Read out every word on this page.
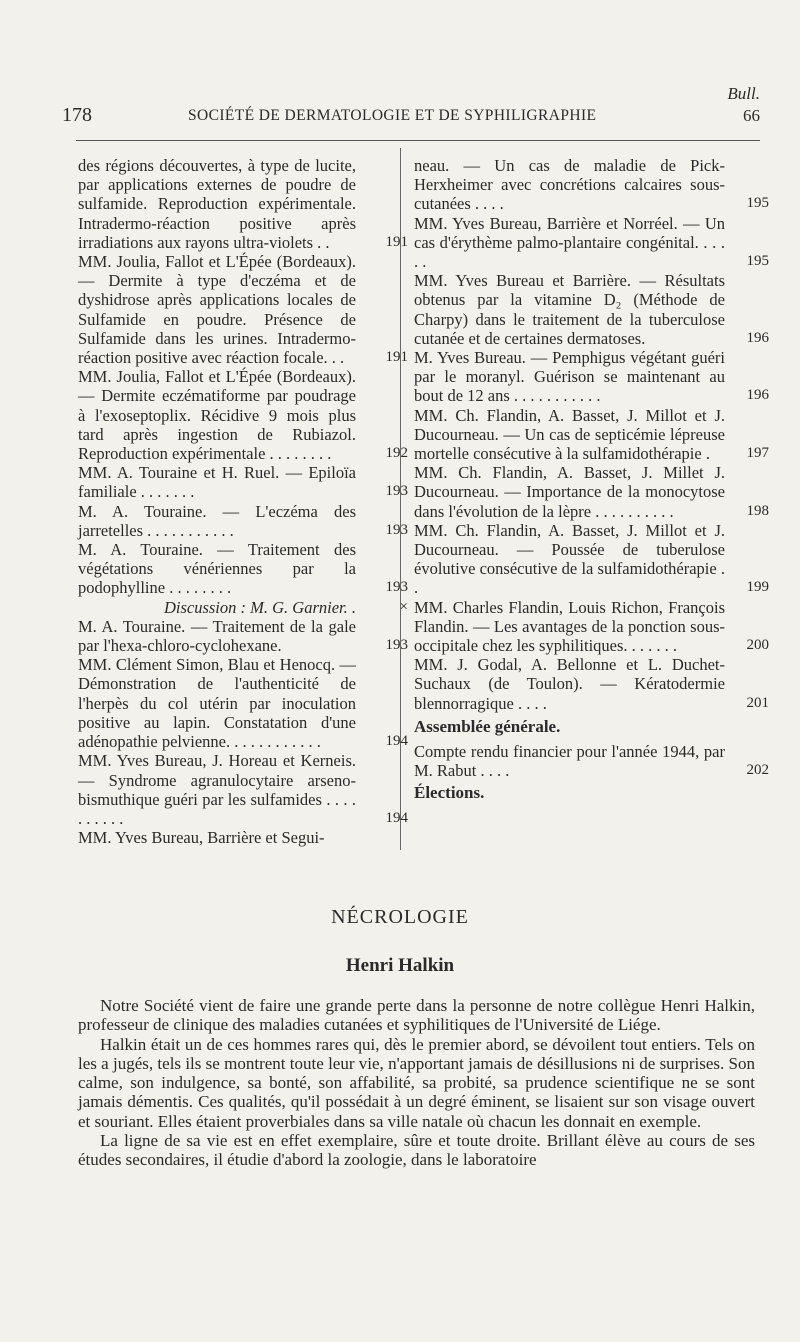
Bull.
178	SOCIÉTÉ DE DERMATOLOGIE ET DE SYPHILIGRAPHIE	66
des régions découvertes, à type de lucite, par applications externes de poudre de sulfamide. Reproduction expérimentale. Intradermo-réaction positive après irradiations aux rayons ultra-violets . .	191
MM. Joulia, Fallot et L'Épée (Bordeaux). — Dermite à type d'eczéma et de dyshidrose après applications locales de Sulfamide en poudre. Présence de Sulfamide dans les urines. Intradermo-réaction positive avec réaction focale. . .	191
MM. Joulia, Fallot et L'Épée (Bordeaux). — Dermite eczématiforme par poudrage à l'exoseptoplix. Récidive 9 mois plus tard après ingestion de Rubiazol. Reproduction expérimentale . . . . . . . .	192
MM. A. Touraine et H. Ruel. — Epiloïa familiale . . . . . . .	193
M. A. Touraine. — L'eczéma des jarretelles . . . . . . . . . . .	193
M. A. Touraine. — Traitement des végétations vénériennes par la podophylline . . . . . . . .	193
Discussion : M. G. Garnier. .	×
M. A. Touraine. — Traitement de la gale par l'hexa-chloro-cyclohexane.	193
MM. Clément Simon, Blau et Henocq. — Démonstration de l'authenticité de l'herpès du col utérin par inoculation positive au lapin. Constatation d'une adénopathie pelvienne. . . . . . . . . . . .	194
MM. Yves Bureau, J. Horeau et Kerneis. — Syndrome agranulocytaire arseno-bismuthique guéri par les sulfamides . . . . . . . . . .	194
MM. Yves Bureau, Barrière et Segui-
neau. — Un cas de maladie de Pick-Herxheimer avec concrétions calcaires sous-cutanées . . . .	195
MM. Yves Bureau, Barrière et Norréel. — Un cas d'érythème palmo-plantaire congénital. . . . . .	195
MM. Yves Bureau et Barrière. — Résultats obtenus par la vitamine D₂ (Méthode de Charpy) dans le traitement de la tuberculose cutanée et de certaines dermatoses.	196
M. Yves Bureau. — Pemphigus végétant guéri par le moranyl. Guérison se maintenant au bout de 12 ans . . . . . . . . . . .	196
MM. Ch. Flandin, A. Basset, J. Millot et J. Ducourneau. — Un cas de septicémie lépreuse mortelle consécutive à la sulfamidothérapie .	197
MM. Ch. Flandin, A. Basset, J. Millet J. Ducourneau. — Importance de la monocytose dans l'évolution de la lèpre . . . . . . . . . .	198
MM. Ch. Flandin, A. Basset, J. Millot et J. Ducourneau. — Poussée de tuberulose évolutive consécutive de la sulfamidothérapie . .	199
MM. Charles Flandin, Louis Richon, François Flandin. — Les avantages de la ponction sous-occipitale chez les syphilitiques. . . . . . .	200
MM. J. Godal, A. Bellonne et L. Duchet-Suchaux (de Toulon). — Kératodermie blennorragique . . . .	201
Assemblée générale.
Compte rendu financier pour l'année 1944, par M. Rabut . . . .	202
Élections.
NÉCROLOGIE
Henri Halkin

Notre Société vient de faire une grande perte dans la personne de notre collègue Henri Halkin, professeur de clinique des maladies cutanées et syphilitiques de l'Université de Liége.

Halkin était un de ces hommes rares qui, dès le premier abord, se dévoilent tout entiers. Tels on les a jugés, tels ils se montrent toute leur vie, n'apportant jamais de désillusions ni de surprises. Son calme, son indulgence, sa bonté, son affabilité, sa probité, sa prudence scientifique ne se sont jamais démentis. Ces qualités, qu'il possédait à un degré éminent, se lisaient sur son visage ouvert et souriant. Elles étaient proverbiales dans sa ville natale où chacun les donnait en exemple.

La ligne de sa vie est en effet exemplaire, sûre et toute droite. Brillant élève au cours de ses études secondaires, il étudie d'abord la zoologie, dans le laboratoire
